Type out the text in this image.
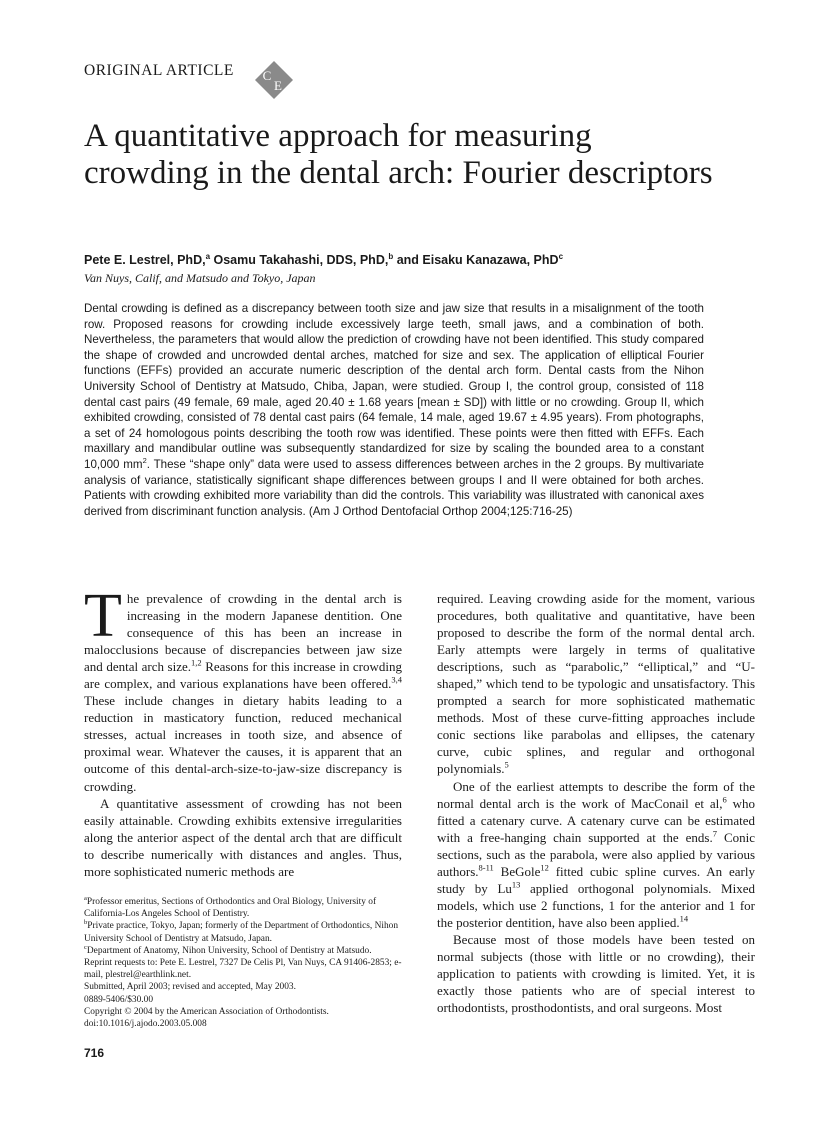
ORIGINAL ARTICLE C
E
A quantitative approach for measuring crowding in the dental arch: Fourier descriptors
Pete E. Lestrel, PhD,$^a$ Osamu Takahashi, DDS, PhD,$^b$ and Eisaku Kanazawa, PhD$^c$
Van Nuys, Calif, and Matsudo and Tokyo, Japan

Dental crowding is defined as a discrepancy between tooth size and jaw size that results in a misalignment of the tooth row. Proposed reasons for crowding include excessively large teeth, small jaws, and a combination of both. Nevertheless, the parameters that would allow the prediction of crowding have not been identified. This study compared the shape of crowded and uncrowded dental arches, matched for size and sex. The application of elliptical Fourier functions (EFFs) provided an accurate numeric description of the dental arch form. Dental casts from the Nihon University School of Dentistry at Matsudo, Chiba, Japan, were studied. Group I, the control group, consisted of 118 dental cast pairs (49 female, 69 male, aged 20.40 ± 1.68 years [mean ± SD]) with little or no crowding. Group II, which exhibited crowding, consisted of 78 dental cast pairs (64 female, 14 male, aged 19.67 ± 4.95 years). From photographs, a set of 24 homologous points describing the tooth row was identified. These points were then fitted with EFFs. Each maxillary and mandibular outline was subsequently standardized for size by scaling the bounded area to a constant 10,000 $mm^2$. These “shape only” data were used to assess differences between arches in the 2 groups. By multivariate analysis of variance, statistically significant shape differences between groups I and II were obtained for both arches. Patients with crowding exhibited more variability than did the controls. This variability was illustrated with canonical axes derived from discriminant function analysis. (Am J Orthod Dentofacial Orthop 2004;125:716-25)

The prevalence of crowding in the dental arch is increasing in the modern Japanese dentition. One consequence of this has been an increase in malocclusions because of discrepancies between jaw size and dental arch size.$^{1,2}$ Reasons for this increase in crowding are complex, and various explanations have been offered.$^{3,4}$ These include changes in dietary habits leading to a reduction in masticatory function, reduced mechanical stresses, actual increases in tooth size, and absence of proximal wear. Whatever the causes, it is apparent that an outcome of this dental-arch-size-to-jaw-size discrepancy is crowding.

A quantitative assessment of crowding has not been easily attainable. Crowding exhibits extensive irregularities along the anterior aspect of the dental arch that are difficult to describe numerically with distances and angles. Thus, more sophisticated numeric methods are

$^a$Professor emeritus, Sections of Orthodontics and Oral Biology, University of California-Los Angeles School of Dentistry.
$^b$Private practice, Tokyo, Japan; formerly of the Department of Orthodontics, Nihon University School of Dentistry at Matsudo, Japan.
$^c$Department of Anatomy, Nihon University, School of Dentistry at Matsudo.
Reprint requests to: Pete E. Lestrel, 7327 De Celis Pl, Van Nuys, CA 91406-2853; e-mail, plestrel@earthlink.net.
Submitted, April 2003; revised and accepted, May 2003.
0889-5406/$30.00
Copyright © 2004 by the American Association of Orthodontists.
doi:10.1016/j.ajodo.2003.05.008

required. Leaving crowding aside for the moment, various procedures, both qualitative and quantitative, have been proposed to describe the form of the normal dental arch. Early attempts were largely in terms of qualitative descriptions, such as “parabolic,” “elliptical,” and “U-shaped,” which tend to be typologic and unsatisfactory. This prompted a search for more sophisticated mathematic methods. Most of these curve-fitting approaches include conic sections like parabolas and ellipses, the catenary curve, cubic splines, and regular and orthogonal polynomials.$^5$

One of the earliest attempts to describe the form of the normal dental arch is the work of MacConail et al,$^6$ who fitted a catenary curve. A catenary curve can be estimated with a free-hanging chain supported at the ends.$^7$ Conic sections, such as the parabola, were also applied by various authors.$^{8-11}$ BeGole$^{12}$ fitted cubic spline curves. An early study by Lu$^{13}$ applied orthogonal polynomials. Mixed models, which use 2 functions, 1 for the anterior and 1 for the posterior dentition, have also been applied.$^{14}$

Because most of those models have been tested on normal subjects (those with little or no crowding), their application to patients with crowding is limited. Yet, it is exactly those patients who are of special interest to orthodontists, prosthodontists, and oral surgeons. Most

716
